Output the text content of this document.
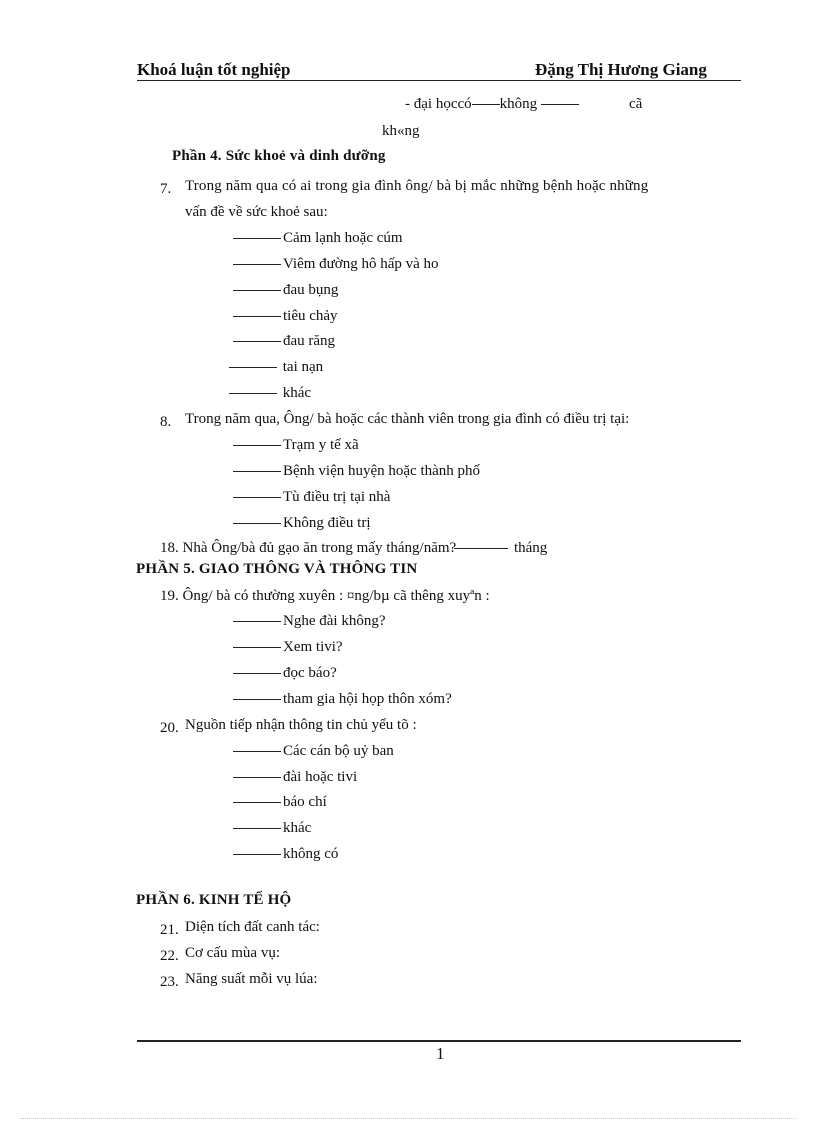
Khoá luận tốt nghiệp	Đặng Thị Hương Giang
- đại họccó không	cã
kh«ng
Phần 4. Sức khoẻ và dinh dưỡng
7. Trong năm qua có ai trong gia đình ông/ bà bị mắc những bệnh hoặc những
vấn đề về sức khoẻ sau:
Cảm lạnh hoặc cúm
Viêm đường hô hấp và ho
đau bụng
tiêu chảy
đau răng
tai nạn
khác
8. Trong năm qua, Ông/ bà hoặc các thành viên trong gia đình có điều trị tại:
Trạm y tế xã
Bệnh viện huyện hoặc thành phố
Tù điều trị tại nhà
Không điều trị
18. Nhà Ông/bà đủ gạo ăn trong mấy tháng/năm?	tháng
PHẦN 5. GIAO THÔNG VÀ THÔNG TIN
19. Ông/ bà có thường xuyên : ¤ng/bµ cã thêng xuyªn :
Nghe đài không?
Xem tivi?
đọc báo?
tham gia hội họp thôn xóm?
20. Nguồn tiếp nhận thông tin chủ yếu tõ :
Các cán bộ uỷ ban
đài hoặc tivi
báo chí
khác
không có
PHẦN 6. KINH TẾ HỘ
21. Diện tích đất canh tác:
22. Cơ cấu mùa vụ:
23. Năng suất mỗi vụ lúa:
1
